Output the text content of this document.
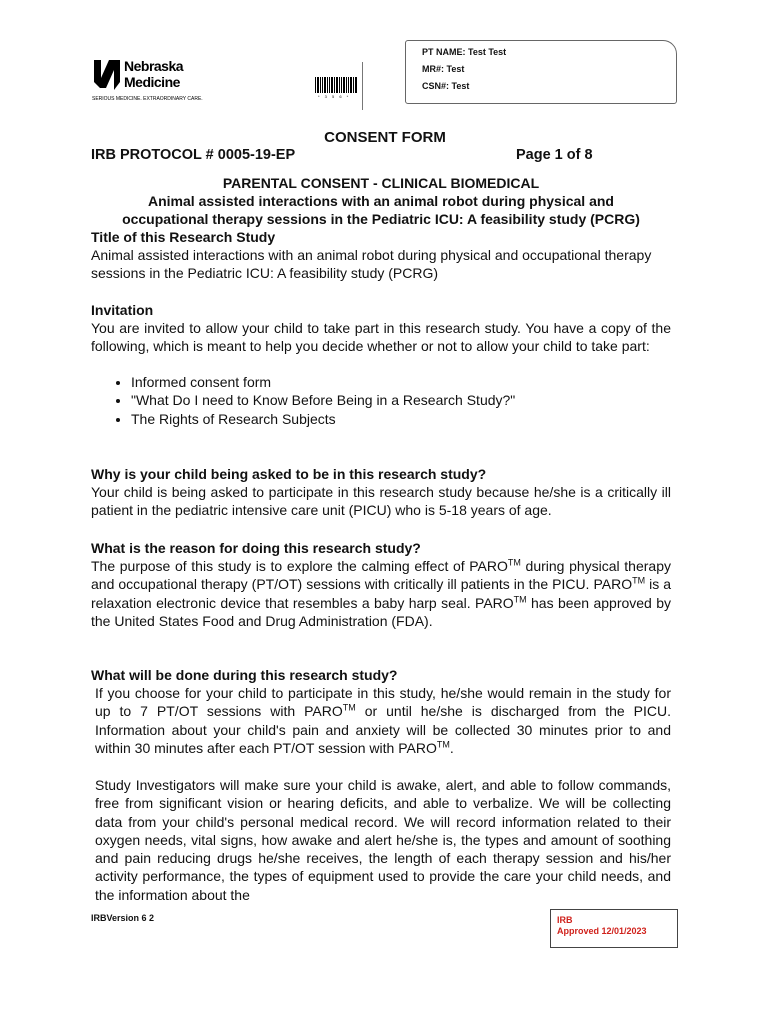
Nebraska
Medicine
SERIOUS MEDICINE. EXTRAORDINARY CARE.	* 3 5 6 *
PT NAME: Test Test
MR#: Test
CSN#: Test
CONSENT FORM
IRB PROTOCOL # 0005-19-EP	Page 1 of 8
PARENTAL CONSENT - CLINICAL BIOMEDICAL
Animal assisted interactions with an animal robot during physical and
occupational therapy sessions in the Pediatric ICU: A feasibility study (PCRG)
Title of this Research Study
Animal assisted interactions with an animal robot during physical and occupational therapy sessions in the Pediatric ICU: A feasibility study (PCRG)
Invitation
You are invited to allow your child to take part in this research study. You have a copy of the following, which is meant to help you decide whether or not to allow your child to take part:
• Informed consent form
• "What Do I need to Know Before Being in a Research Study?"
• The Rights of Research Subjects
Why is your child being asked to be in this research study?
Your child is being asked to participate in this research study because he/she is a critically ill patient in the pediatric intensive care unit (PICU) who is 5-18 years of age.
What is the reason for doing this research study?
The purpose of this study is to explore the calming effect of PARO™ during physical therapy and occupational therapy (PT/OT) sessions with critically ill patients in the PICU. PARO™ is a relaxation electronic device that resembles a baby harp seal. PARO™ has been approved by the United States Food and Drug Administration (FDA).
What will be done during this research study?
If you choose for your child to participate in this study, he/she would remain in the study for up to 7 PT/OT sessions with PARO™ or until he/she is discharged from the PICU. Information about your child's pain and anxiety will be collected 30 minutes prior to and within 30 minutes after each PT/OT session with PARO™.
Study Investigators will make sure your child is awake, alert, and able to follow commands, free from significant vision or hearing deficits, and able to verbalize. We will be collecting data from your child's personal medical record. We will record information related to their oxygen needs, vital signs, how awake and alert he/she is, the types and amount of soothing and pain reducing drugs he/she receives, the length of each therapy session and his/her activity performance, the types of equipment used to provide the care your child needs, and the information about the
IRBVersion 6 2	IRB
Approved 12/01/2023
